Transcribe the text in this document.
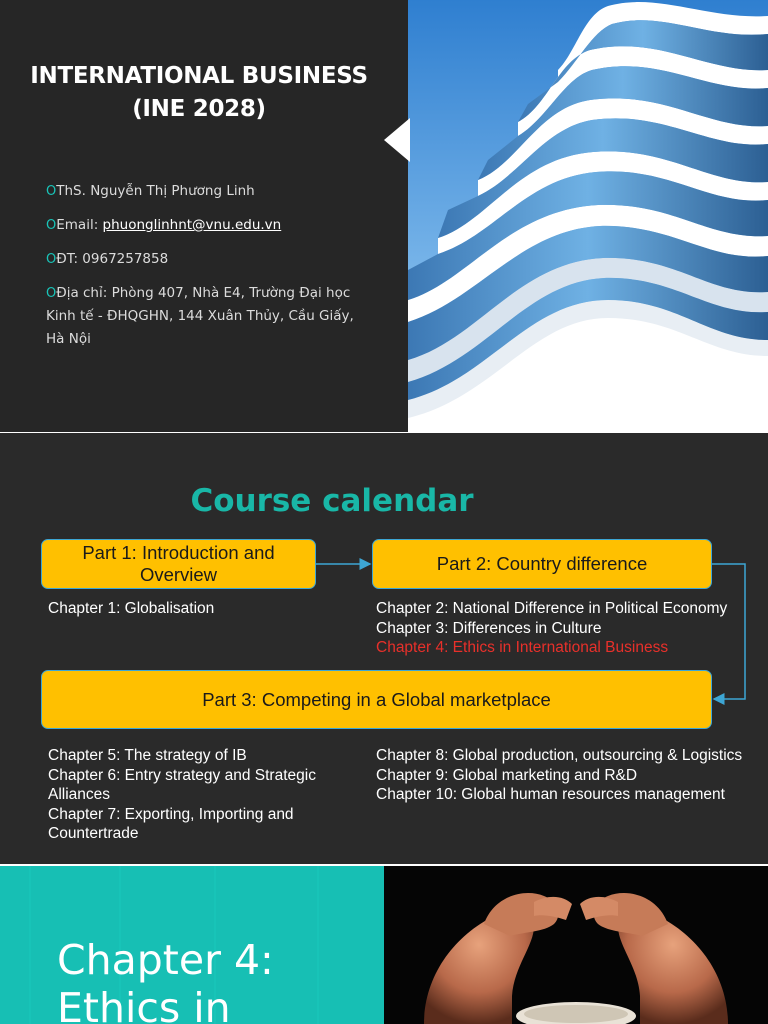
INTERNATIONAL BUSINESS
(INE 2028)
OThS. Nguyễn Thị Phương Linh
OEmail: phuonglinhnt@vnu.edu.vn
OĐT: 0967257858
OĐịa chỉ: Phòng 407, Nhà E4, Trường Đại học
Kinh tế - ĐHQGHN, 144 Xuân Thủy, Cầu Giấy,
Hà Nội
Course calendar
Part 1: Introduction and
Overview
Part 2: Country difference
Part 3: Competing in a Global marketplace
Chapter 1: Globalisation	Chapter 2: National Difference in Political Economy
Chapter 3: Differences in Culture
Chapter 4: Ethics in International Business
Chapter 5: The strategy of IB
Chapter 6: Entry strategy and Strategic Alliances
Chapter 7: Exporting, Importing and Countertrade
Chapter 8: Global production, outsourcing & Logistics
Chapter 9: Global marketing and R&D
Chapter 10: Global human resources management
Chapter 4:
Ethics in
